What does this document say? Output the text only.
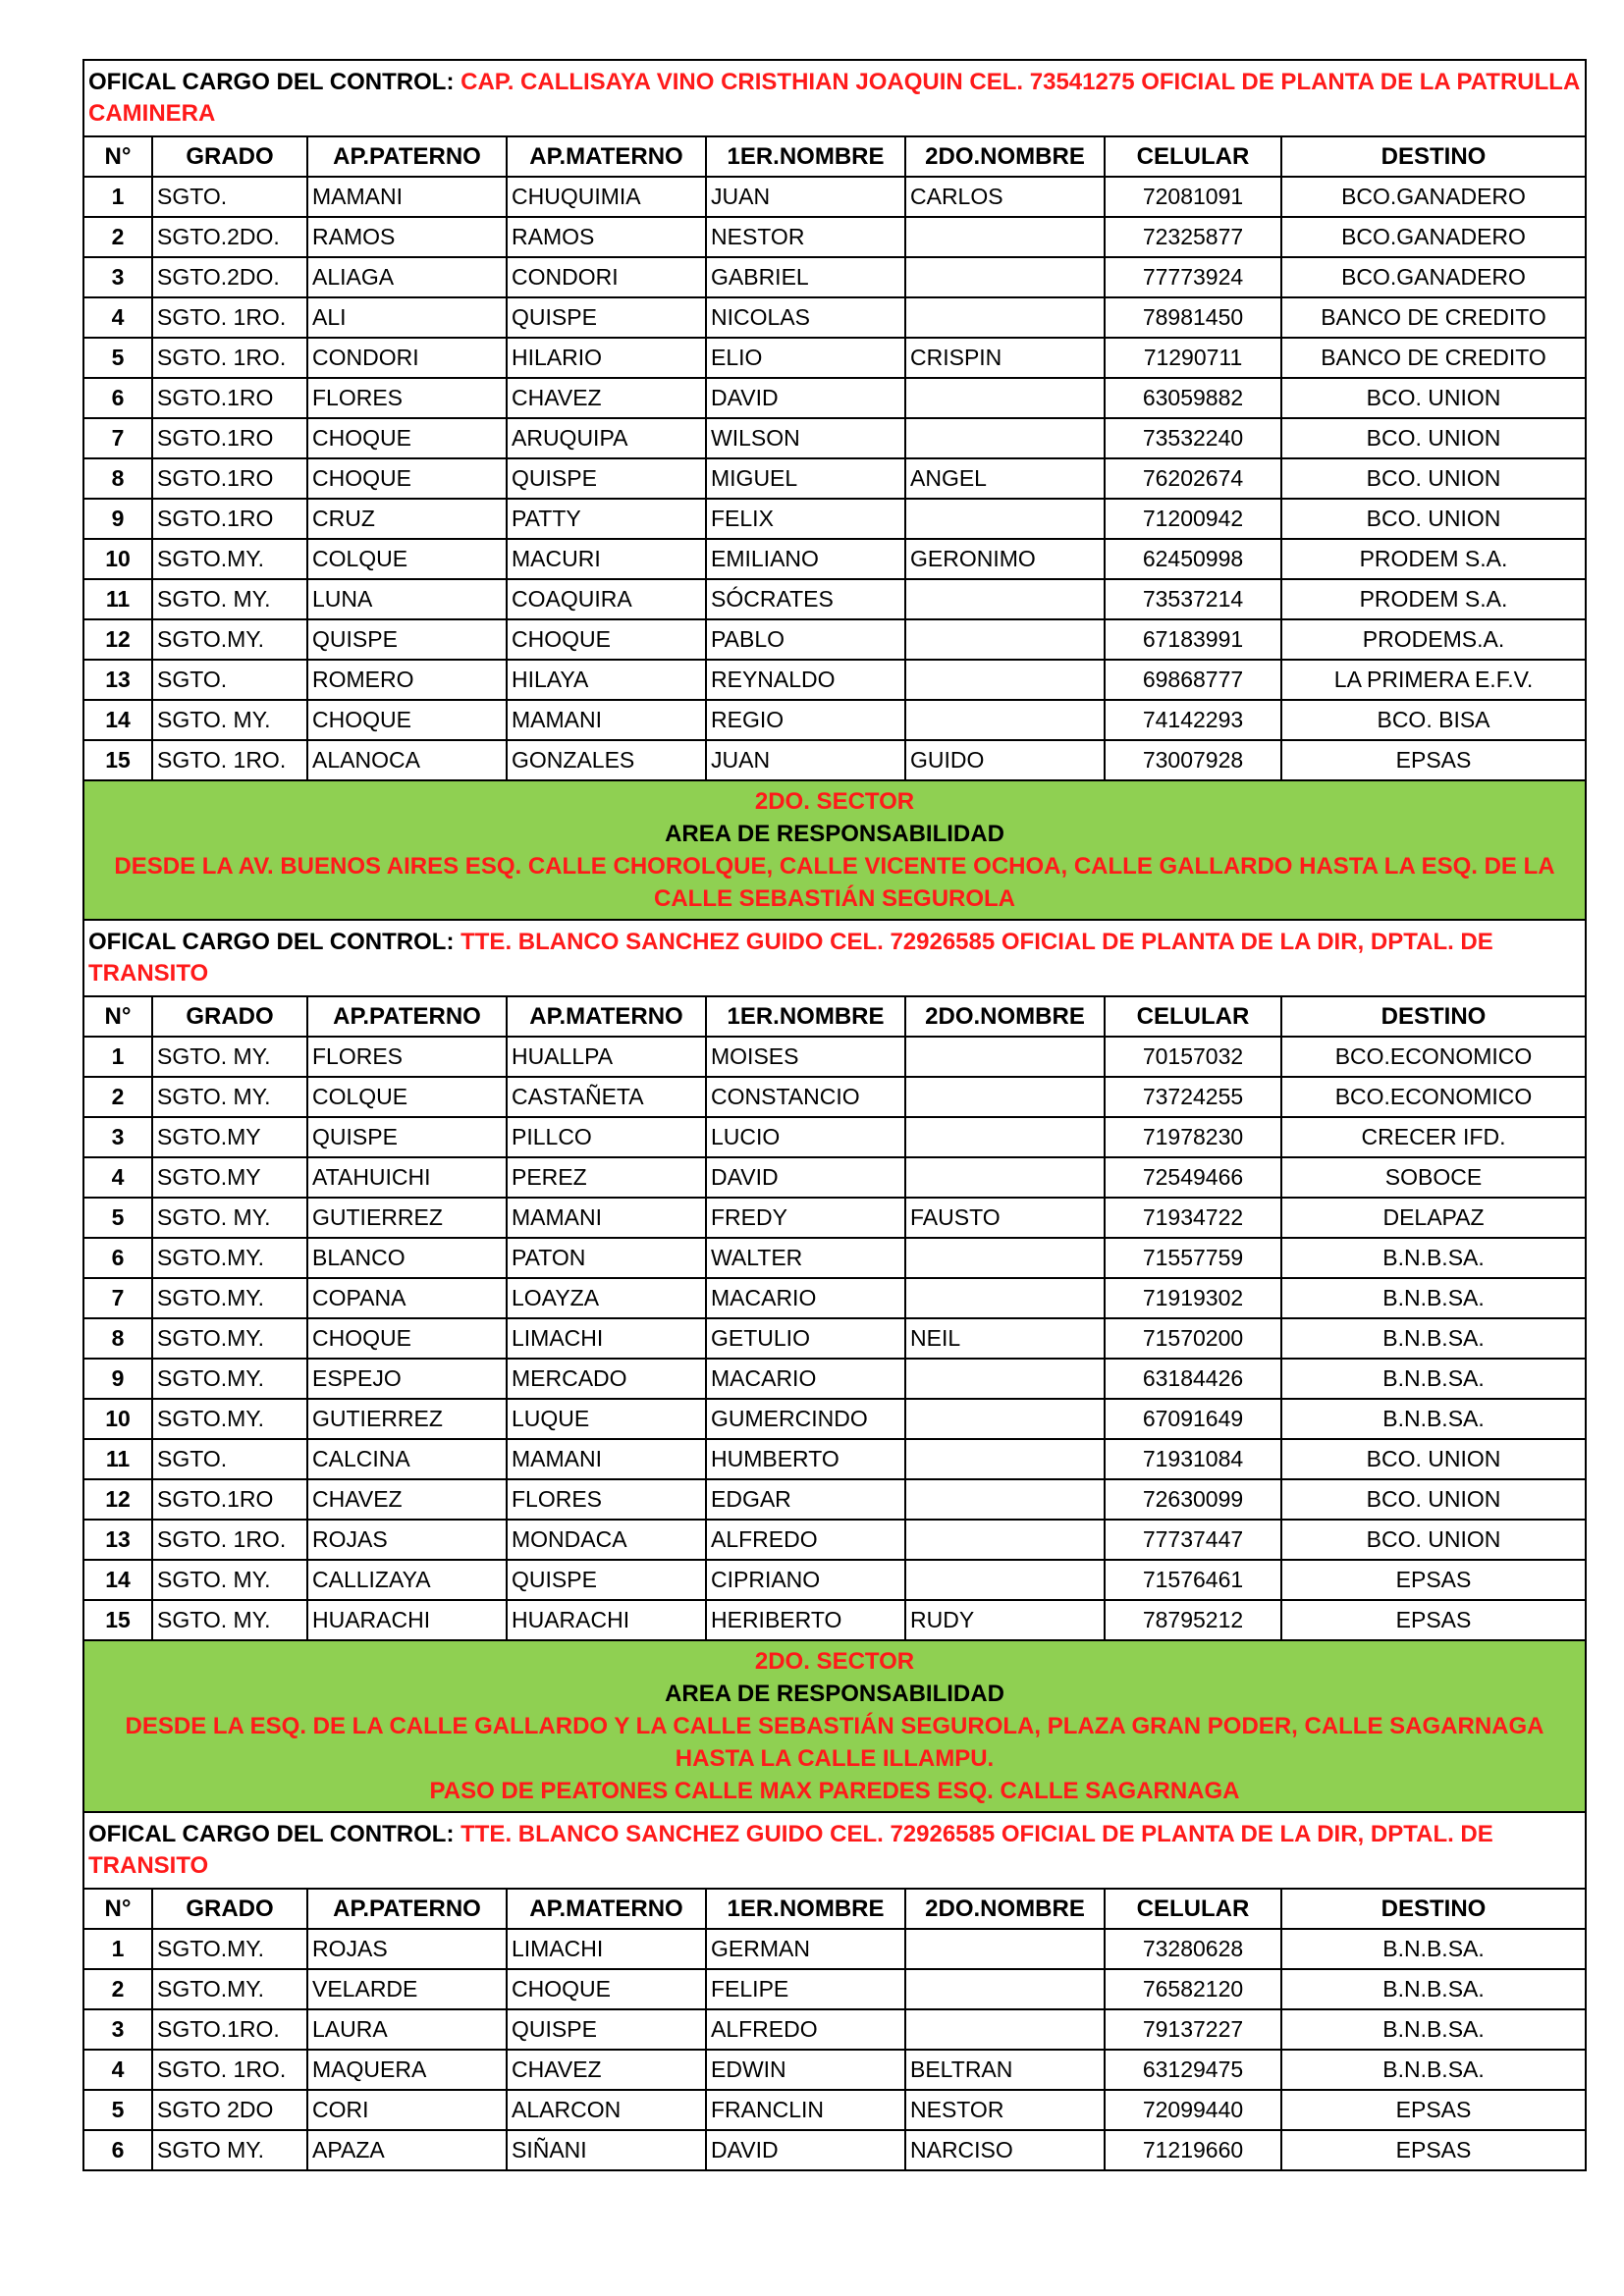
OFICAL CARGO DEL CONTROL: CAP. CALLISAYA VINO CRISTHIAN JOAQUIN CEL. 73541275 OFICIAL DE PLANTA DE LA PATRULLA CAMINERA							
N°	GRADO	AP.PATERNO	AP.MATERNO	1ER.NOMBRE	2DO.NOMBRE	CELULAR	DESTINO
1	SGTO.	MAMANI	CHUQUIMIA	JUAN	CARLOS	72081091	BCO.GANADERO
2	SGTO.2DO.	RAMOS	RAMOS	NESTOR		72325877	BCO.GANADERO
3	SGTO.2DO.	ALIAGA	CONDORI	GABRIEL		77773924	BCO.GANADERO
4	SGTO. 1RO.	ALI	QUISPE	NICOLAS		78981450	BANCO DE CREDITO
5	SGTO. 1RO.	CONDORI	HILARIO	ELIO	CRISPIN	71290711	BANCO DE CREDITO
6	SGTO.1RO	FLORES	CHAVEZ	DAVID		63059882	BCO. UNION
7	SGTO.1RO	CHOQUE	ARUQUIPA	WILSON		73532240	BCO. UNION
8	SGTO.1RO	CHOQUE	QUISPE	MIGUEL	ANGEL	76202674	BCO. UNION
9	SGTO.1RO	CRUZ	PATTY	FELIX		71200942	BCO. UNION
10	SGTO.MY.	COLQUE	MACURI	EMILIANO	GERONIMO	62450998	PRODEM S.A.
11	SGTO. MY.	LUNA	COAQUIRA	SÓCRATES		73537214	PRODEM S.A.
12	SGTO.MY.	QUISPE	CHOQUE	PABLO		67183991	PRODEMS.A.
13	SGTO.	ROMERO	HILAYA	REYNALDO		69868777	LA PRIMERA E.F.V.
14	SGTO. MY.	CHOQUE	MAMANI	REGIO		74142293	BCO. BISA
15	SGTO. 1RO.	ALANOCA	GONZALES	JUAN	GUIDO	73007928	EPSAS

2DO. SECTOR
AREA DE RESPONSABILIDAD
DESDE LA AV. BUENOS AIRES ESQ. CALLE CHOROLQUE, CALLE VICENTE OCHOA, CALLE GALLARDO HASTA LA ESQ. DE LA CALLE SEBASTIÁN SEGUROLA							

OFICAL CARGO DEL CONTROL: TTE. BLANCO SANCHEZ GUIDO CEL. 72926585 OFICIAL DE PLANTA DE LA DIR, DPTAL. DE TRANSITO							
N°	GRADO	AP.PATERNO	AP.MATERNO	1ER.NOMBRE	2DO.NOMBRE	CELULAR	DESTINO
1	SGTO. MY.	FLORES	HUALLPA	MOISES		70157032	BCO.ECONOMICO
2	SGTO. MY.	COLQUE	CASTAÑETA	CONSTANCIO		73724255	BCO.ECONOMICO
3	SGTO.MY	QUISPE	PILLCO	LUCIO		71978230	CRECER IFD.
4	SGTO.MY	ATAHUICHI	PEREZ	DAVID		72549466	SOBOCE
5	SGTO. MY.	GUTIERREZ	MAMANI	FREDY	FAUSTO	71934722	DELAPAZ
6	SGTO.MY.	BLANCO	PATON	WALTER		71557759	B.N.B.SA.
7	SGTO.MY.	COPANA	LOAYZA	MACARIO		71919302	B.N.B.SA.
8	SGTO.MY.	CHOQUE	LIMACHI	GETULIO	NEIL	71570200	B.N.B.SA.
9	SGTO.MY.	ESPEJO	MERCADO	MACARIO		63184426	B.N.B.SA.
10	SGTO.MY.	GUTIERREZ	LUQUE	GUMERCINDO		67091649	B.N.B.SA.
11	SGTO.	CALCINA	MAMANI	HUMBERTO		71931084	BCO. UNION
12	SGTO.1RO	CHAVEZ	FLORES	EDGAR		72630099	BCO. UNION
13	SGTO. 1RO.	ROJAS	MONDACA	ALFREDO		77737447	BCO. UNION
14	SGTO. MY.	CALLIZAYA	QUISPE	CIPRIANO		71576461	EPSAS
15	SGTO. MY.	HUARACHI	HUARACHI	HERIBERTO	RUDY	78795212	EPSAS

2DO. SECTOR
AREA DE RESPONSABILIDAD
DESDE LA ESQ. DE LA CALLE GALLARDO Y LA CALLE SEBASTIÁN SEGUROLA, PLAZA GRAN PODER, CALLE SAGARNAGA HASTA LA CALLE ILLAMPU.
PASO DE PEATONES CALLE MAX PAREDES ESQ. CALLE SAGARNAGA							

OFICAL CARGO DEL CONTROL: TTE. BLANCO SANCHEZ GUIDO CEL. 72926585 OFICIAL DE PLANTA DE LA DIR, DPTAL. DE TRANSITO							
N°	GRADO	AP.PATERNO	AP.MATERNO	1ER.NOMBRE	2DO.NOMBRE	CELULAR	DESTINO
1	SGTO.MY.	ROJAS	LIMACHI	GERMAN		73280628	B.N.B.SA.
2	SGTO.MY.	VELARDE	CHOQUE	FELIPE		76582120	B.N.B.SA.
3	SGTO.1RO.	LAURA	QUISPE	ALFREDO		79137227	B.N.B.SA.
4	SGTO. 1RO.	MAQUERA	CHAVEZ	EDWIN	BELTRAN	63129475	B.N.B.SA.
5	SGTO 2DO	CORI	ALARCON	FRANCLIN	NESTOR	72099440	EPSAS
6	SGTO MY.	APAZA	SIÑANI	DAVID	NARCISO	71219660	EPSAS
